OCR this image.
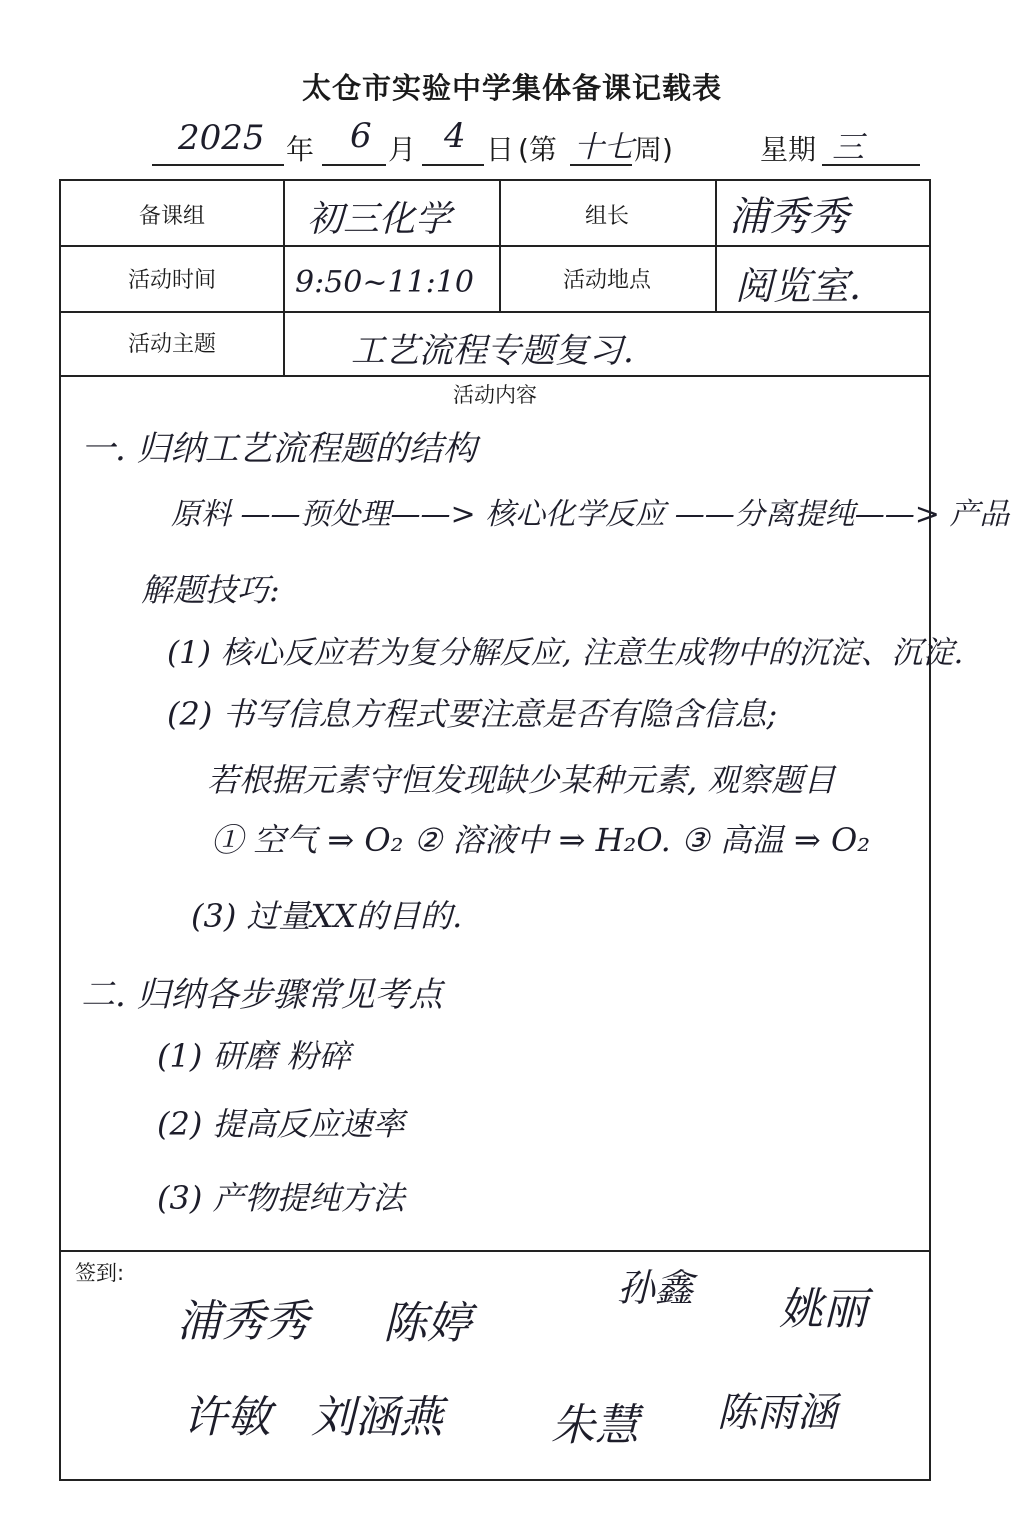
太仓市实验中学集体备课记载表
2025 年 6 月 4 日 (第 十七 周)	星期 三
备课组	初三化学	组长	浦秀秀
活动时间	9:50~11:10	活动地点	阅览室.
活动主题	工艺流程专题复习.
活动内容
一. 归纳工艺流程题的结构
原料 ——预处理——> 核心化学反应 ——分离提纯——> 产品
解题技巧:
(1) 核心反应若为复分解反应, 注意生成物中的沉淀、沉淀.
(2) 书写信息方程式要注意是否有隐含信息;
若根据元素守恒发现缺少某种元素, 观察题目
① 空气 ⇒ O₂ ② 溶液中 ⇒ H₂O. ③ 高温 ⇒ O₂
(3) 过量XX的目的.
二. 归纳各步骤常见考点
(1) 研磨 粉碎
(2) 提高反应速率
(3) 产物提纯方法
签到:
浦秀秀 陈婷
孙鑫 姚丽
许敏 刘涵燕 朱慧 陈雨涵
